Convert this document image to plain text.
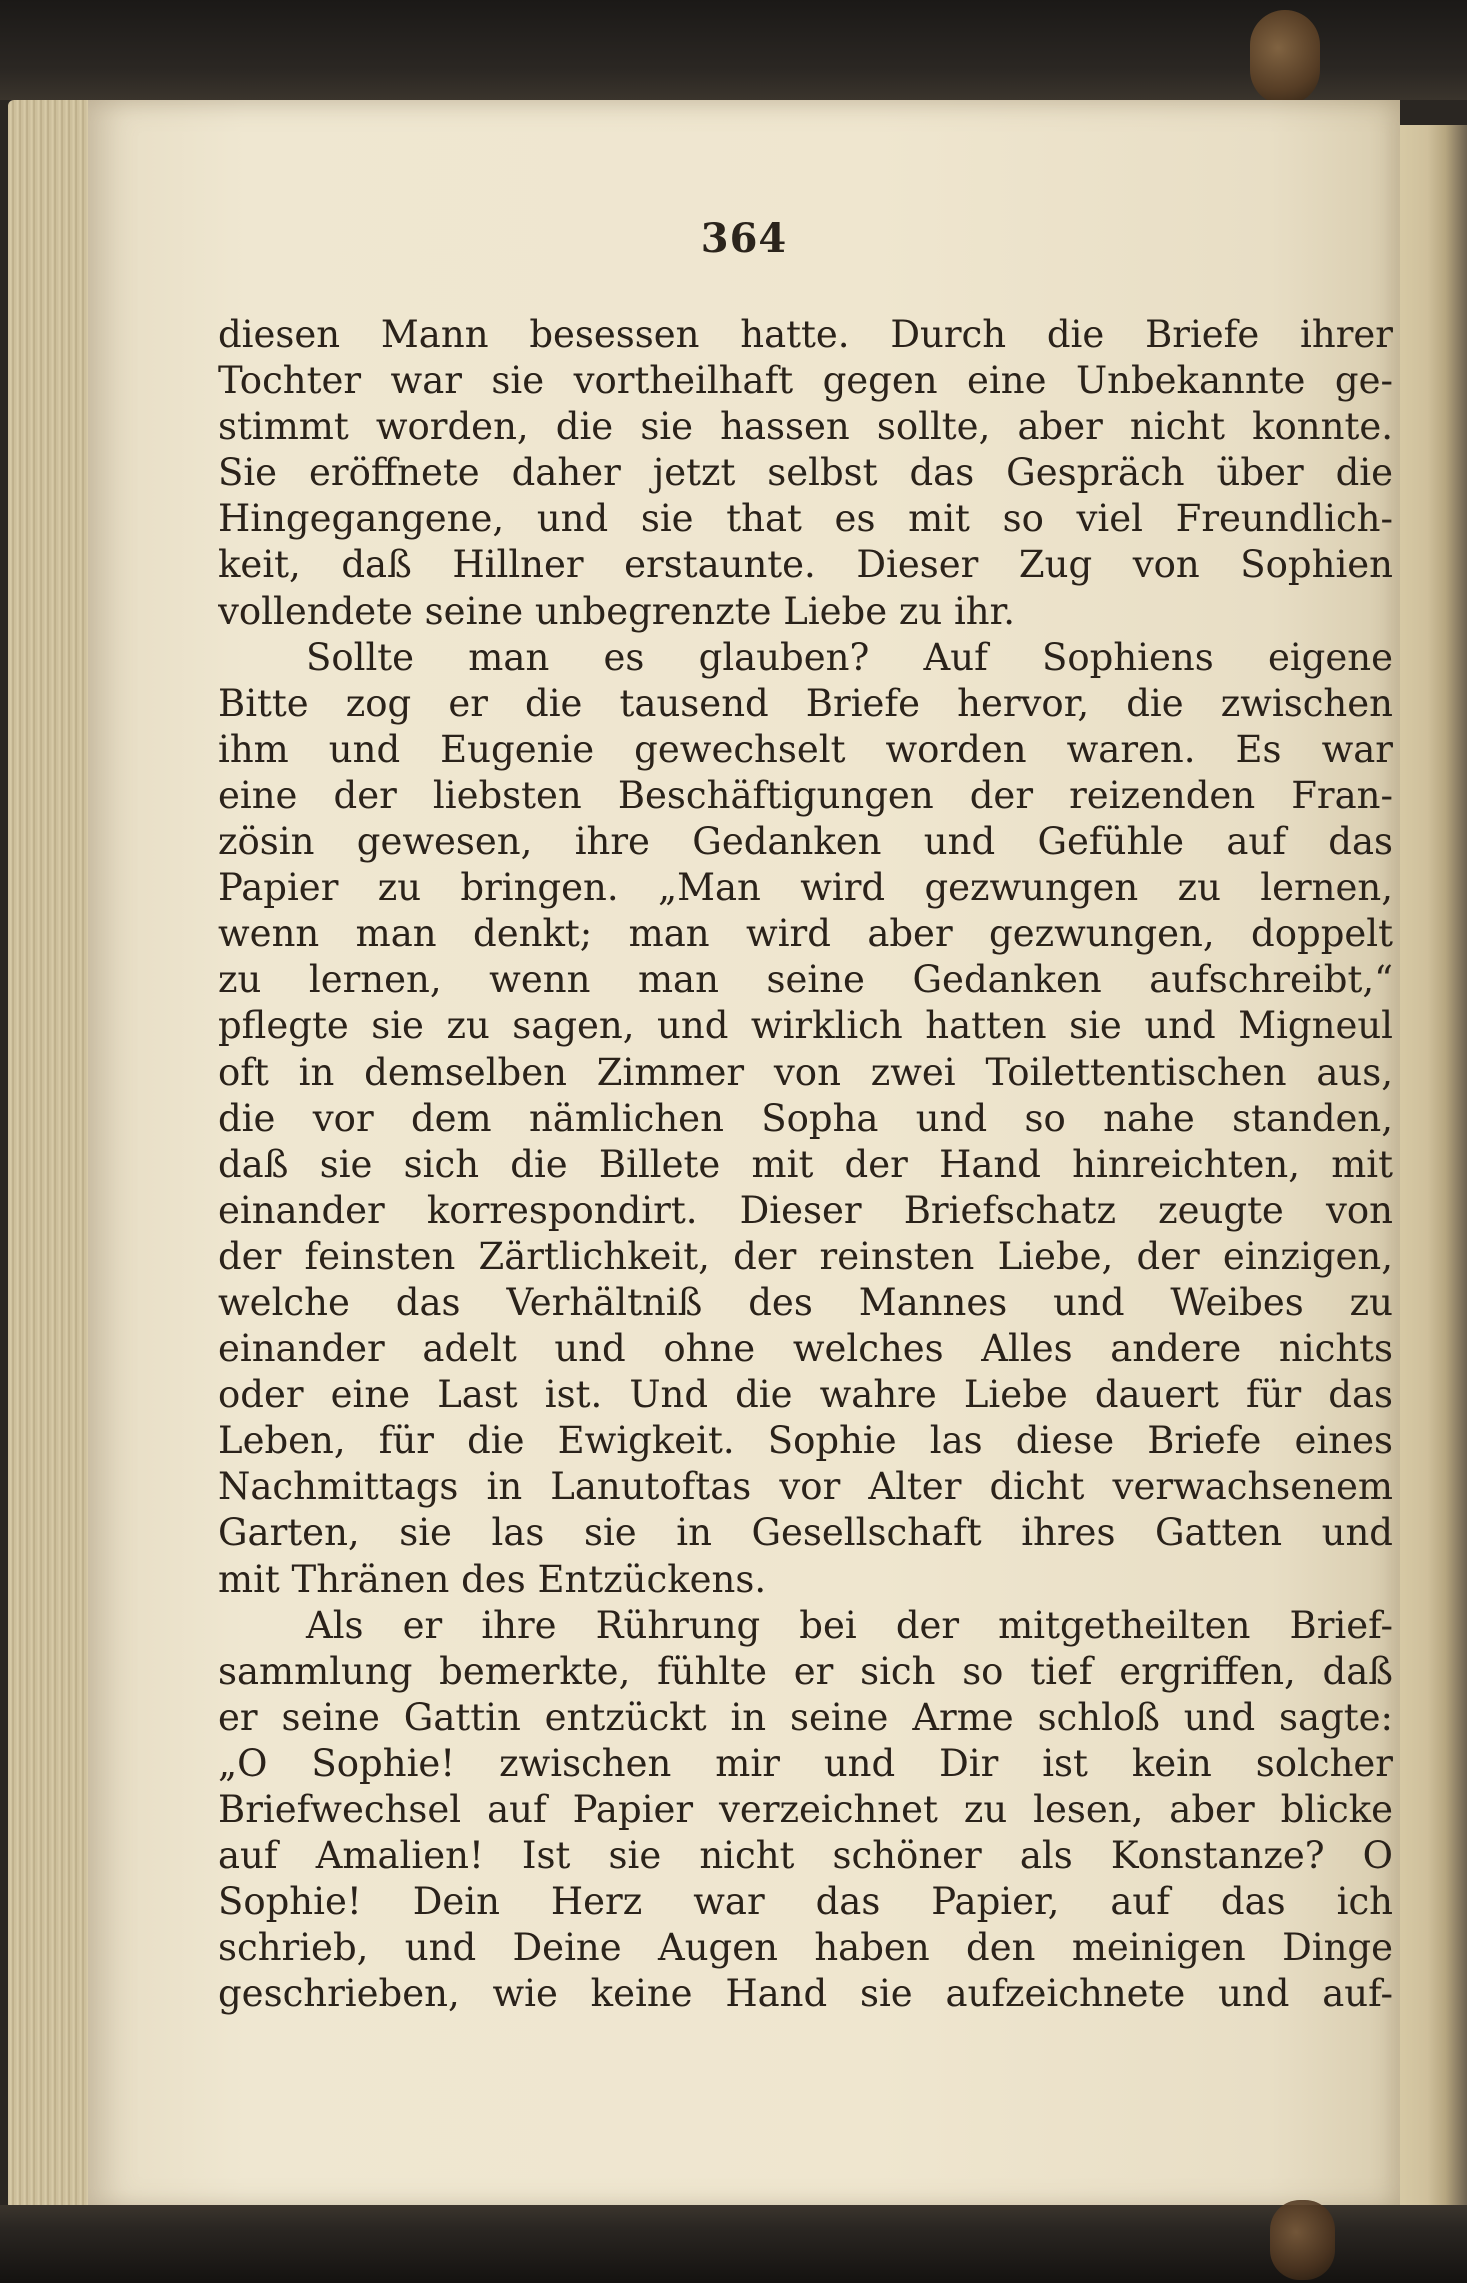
364
diesen Mann besessen hatte. Durch die Briefe ihrer
Tochter war sie vortheilhaft gegen eine Unbekannte ge-
stimmt worden, die sie hassen sollte, aber nicht konnte.
Sie eröffnete daher jetzt selbst das Gespräch über die
Hingegangene, und sie that es mit so viel Freundlich-
keit, daß Hillner erstaunte. Dieser Zug von Sophien
vollendete seine unbegrenzte Liebe zu ihr.
Sollte man es glauben? Auf Sophiens eigene
Bitte zog er die tausend Briefe hervor, die zwischen
ihm und Eugenie gewechselt worden waren. Es war
eine der liebsten Beschäftigungen der reizenden Fran-
zösin gewesen, ihre Gedanken und Gefühle auf das
Papier zu bringen. „Man wird gezwungen zu lernen,
wenn man denkt; man wird aber gezwungen, doppelt
zu lernen, wenn man seine Gedanken aufschreibt,“
pflegte sie zu sagen, und wirklich hatten sie und Migneul
oft in demselben Zimmer von zwei Toilettentischen aus,
die vor dem nämlichen Sopha und so nahe standen,
daß sie sich die Billete mit der Hand hinreichten, mit
einander korrespondirt. Dieser Briefschatz zeugte von
der feinsten Zärtlichkeit, der reinsten Liebe, der einzigen,
welche das Verhältniß des Mannes und Weibes zu
einander adelt und ohne welches Alles andere nichts
oder eine Last ist. Und die wahre Liebe dauert für das
Leben, für die Ewigkeit. Sophie las diese Briefe eines
Nachmittags in Lanutoftas vor Alter dicht verwachsenem
Garten, sie las sie in Gesellschaft ihres Gatten und
mit Thränen des Entzückens.
Als er ihre Rührung bei der mitgetheilten Brief-
sammlung bemerkte, fühlte er sich so tief ergriffen, daß
er seine Gattin entzückt in seine Arme schloß und sagte:
„O Sophie! zwischen mir und Dir ist kein solcher
Briefwechsel auf Papier verzeichnet zu lesen, aber blicke
auf Amalien! Ist sie nicht schöner als Konstanze? O
Sophie! Dein Herz war das Papier, auf das ich
schrieb, und Deine Augen haben den meinigen Dinge
geschrieben, wie keine Hand sie aufzeichnete und auf-
